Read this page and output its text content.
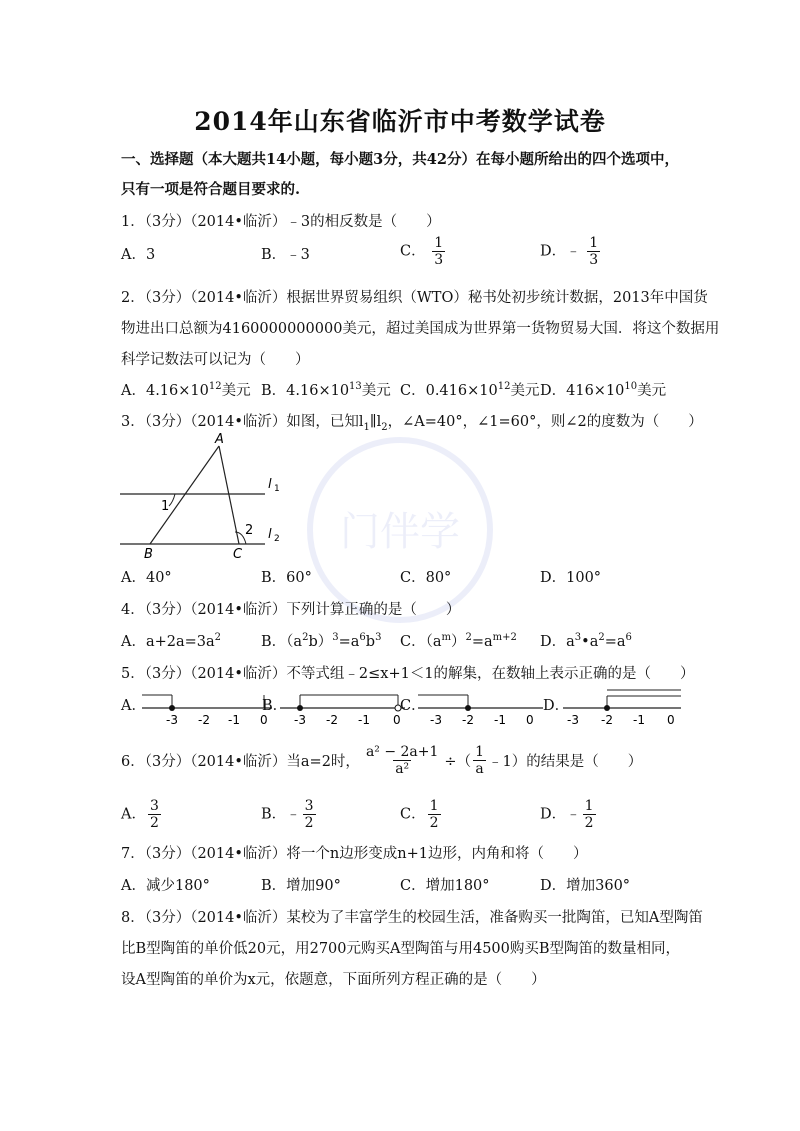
门伴学
2014年山东省临沂市中考数学试卷
一、选择题（本大题共14小题，每小题3分，共42分）在每小题所给出的四个选项中，
只有一项是符合题目要求的.
1．（3分）（2014•临沂）﹣3的相反数是（　　）
A．3	B．﹣3	C． $\frac{1}{3}$	D．﹣ $\frac{1}{3}$
2．（3分）（2014•临沂）根据世界贸易组织（WTO）秘书处初步统计数据，2013年中国货
物进出口总额为4160000000000美元，超过美国成为世界第一货物贸易大国．将这个数据用
科学记数法可以记为（　　）
A．$4.16\times 10^{12}$美元 B．$4.16\times 10^{13}$美元 C．$0.416\times 10^{12}$美元 D．$416\times 10^{10}$美元
3．（3分）（2014•临沂）如图，已知$l_1\parallel l_2$，∠A=40°，∠1=60°，则∠2的度数为（　　）
A
B	C
1
2
l 1
l 2
A．40°	B．60°	C．80°	D．100°
4．（3分）（2014•临沂）下列计算正确的是（　　）
A．$a+2a=3a^2$	B．$(a^2b)^3=a^6b^3$ C．$(a^m)^2=a^{m+2}$ D．$a^3•a^2=a^6$
5．（3分）（2014•临沂）不等式组﹣2≤x+1＜1的解集，在数轴上表示正确的是（　　）
A．
-3 -2 -1 0
B．
-3 -2 -1 0
C．
-3 -2 -1 0
D．
-3 -2 -1 0
6．（3分）（2014•临沂）当a=2时， $\frac{\text{a² − 2a+1}}{\text{a²}}$ ÷（ $\frac{1}{a}$ ﹣1）的结果是（　　）
A． $\frac{3}{2}$	B．﹣ $\frac{3}{2}$	C． $\frac{1}{2}$	D．﹣ $\frac{1}{2}$
7．（3分）（2014•临沂）将一个n边形变成n+1边形，内角和将（　　）
A．减少180°	B．增加90°	C．增加180°	D．增加360°
8．（3分）（2014•临沂）某校为了丰富学生的校园生活，准备购买一批陶笛，已知A型陶笛
比B型陶笛的单价低20元，用2700元购买A型陶笛与用4500购买B型陶笛的数量相同，
设A型陶笛的单价为x元，依题意，下面所列方程正确的是（　　）
